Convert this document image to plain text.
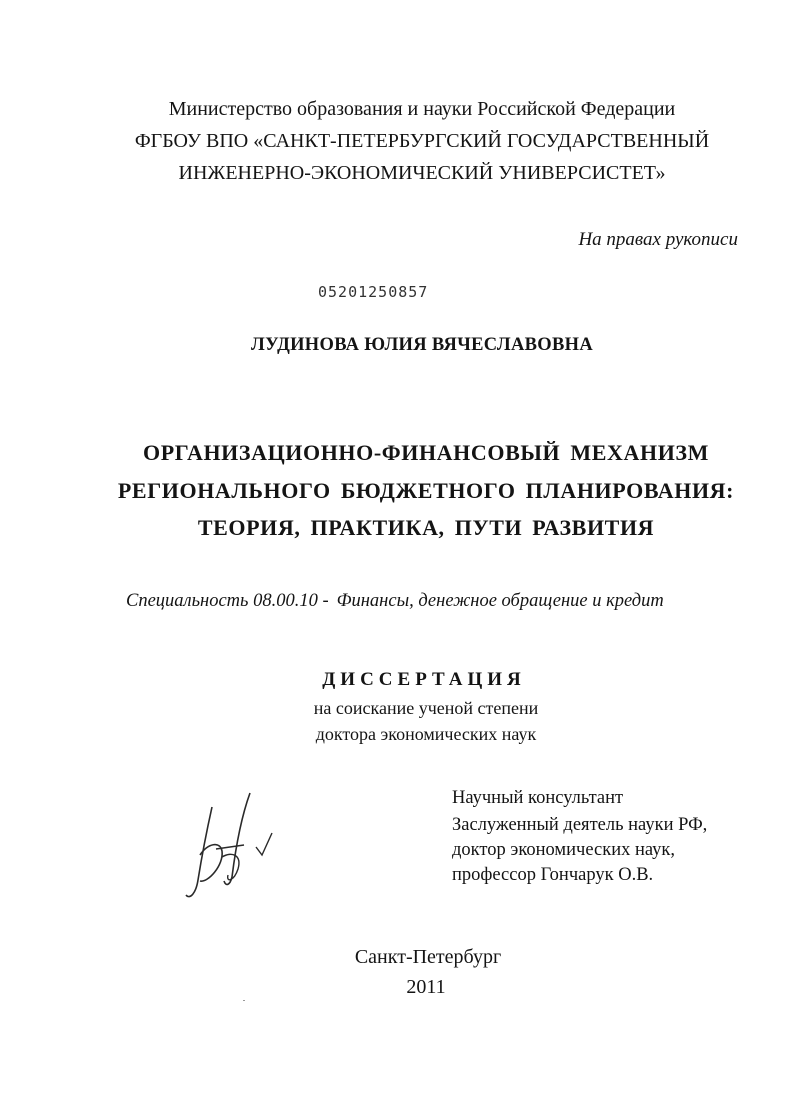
Министерство образования и науки Российской Федерации
ФГБОУ ВПО «САНКТ-ПЕТЕРБУРГСКИЙ ГОСУДАРСТВЕННЫЙ
ИНЖЕНЕРНО-ЭКОНОМИЧЕСКИЙ УНИВЕРСИСТЕТ»
На правах рукописи
05201250857
ЛУДИНОВА ЮЛИЯ ВЯЧЕСЛАВОВНА
ОРГАНИЗАЦИОННО-ФИНАНСОВЫЙ МЕХАНИЗМ
РЕГИОНАЛЬНОГО БЮДЖЕТНОГО ПЛАНИРОВАНИЯ:
ТЕОРИЯ, ПРАКТИКА, ПУТИ РАЗВИТИЯ
Специальность 08.00.10 - Финансы, денежное обращение и кредит
ДИССЕРТАЦИЯ
на соискание ученой степени
доктора экономических наук
Научный консультант
Заслуженный деятель науки РФ,
доктор экономических наук,
профессор Гончарук О.В.
Санкт-Петербург
2011
